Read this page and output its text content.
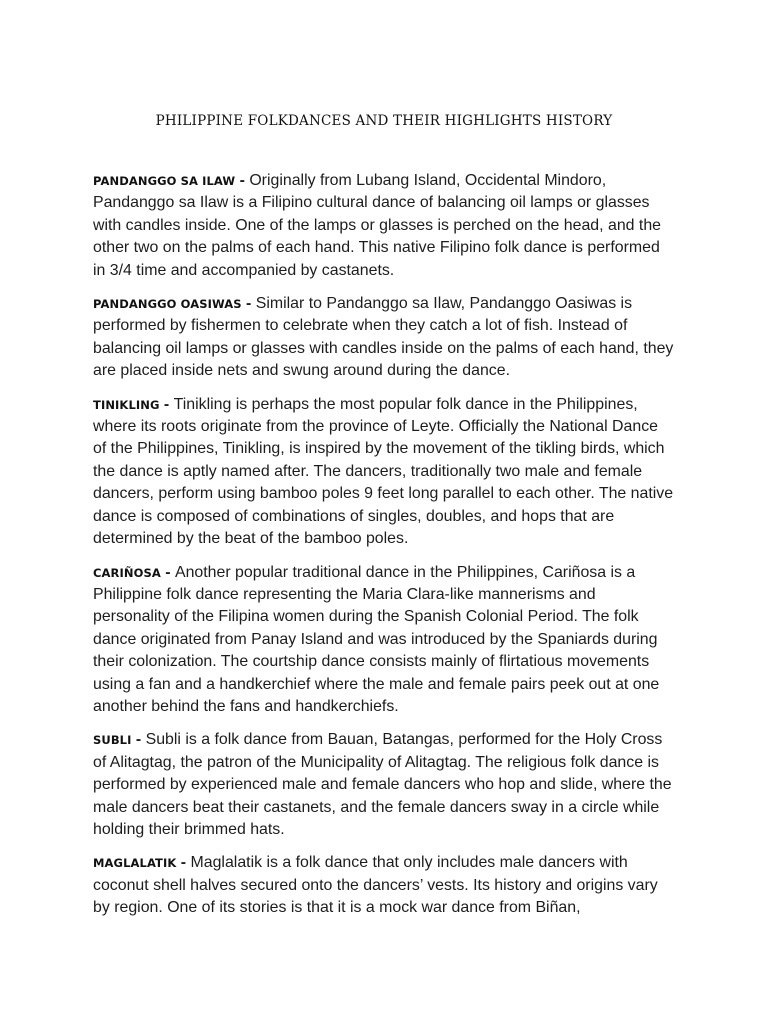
PHILIPPINE FOLKDANCES AND THEIR HIGHLIGHTS HISTORY

PANDANGGO SA ILAW - Originally from Lubang Island, Occidental Mindoro, Pandanggo sa Ilaw is a Filipino cultural dance of balancing oil lamps or glasses with candles inside. One of the lamps or glasses is perched on the head, and the other two on the palms of each hand. This native Filipino folk dance is performed in 3/4 time and accompanied by castanets.

PANDANGGO OASIWAS - Similar to Pandanggo sa Ilaw, Pandanggo Oasiwas is performed by fishermen to celebrate when they catch a lot of fish. Instead of balancing oil lamps or glasses with candles inside on the palms of each hand, they are placed inside nets and swung around during the dance.

TINIKLING - Tinikling is perhaps the most popular folk dance in the Philippines, where its roots originate from the province of Leyte. Officially the National Dance of the Philippines, Tinikling, is inspired by the movement of the tikling birds, which the dance is aptly named after. The dancers, traditionally two male and female dancers, perform using bamboo poles 9 feet long parallel to each other. The native dance is composed of combinations of singles, doubles, and hops that are determined by the beat of the bamboo poles.

CARIÑOSA - Another popular traditional dance in the Philippines, Cariñosa is a Philippine folk dance representing the Maria Clara-like mannerisms and personality of the Filipina women during the Spanish Colonial Period. The folk dance originated from Panay Island and was introduced by the Spaniards during their colonization. The courtship dance consists mainly of flirtatious movements using a fan and a handkerchief where the male and female pairs peek out at one another behind the fans and handkerchiefs.

SUBLI - Subli is a folk dance from Bauan, Batangas, performed for the Holy Cross of Alitagtag, the patron of the Municipality of Alitagtag. The religious folk dance is performed by experienced male and female dancers who hop and slide, where the male dancers beat their castanets, and the female dancers sway in a circle while holding their brimmed hats.

MAGLALATIK - Maglalatik is a folk dance that only includes male dancers with coconut shell halves secured onto the dancers’ vests. Its history and origins vary by region. One of its stories is that it is a mock war dance from Biñan,
